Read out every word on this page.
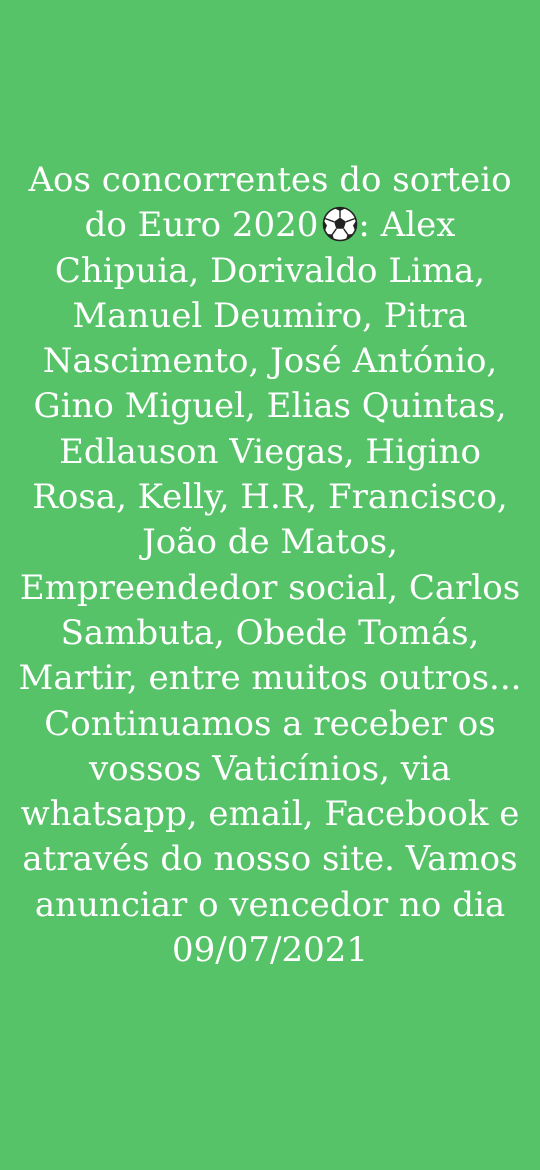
Aos concorrentes do sorteio do Euro 2020 : Alex Chipuia, Dorivaldo Lima, Manuel Deumiro, Pitra Nascimento, José António, Gino Miguel, Elias Quintas, Edlauson Viegas, Higino Rosa, Kelly, H.R, Francisco, João de Matos, Empreendedor social, Carlos Sambuta, Obede Tomás, Martir, entre muitos outros... Continuamos a receber os vossos Vaticínios, via whatsapp, email, Facebook e através do nosso site. Vamos anunciar o vencedor no dia 09/07/2021
